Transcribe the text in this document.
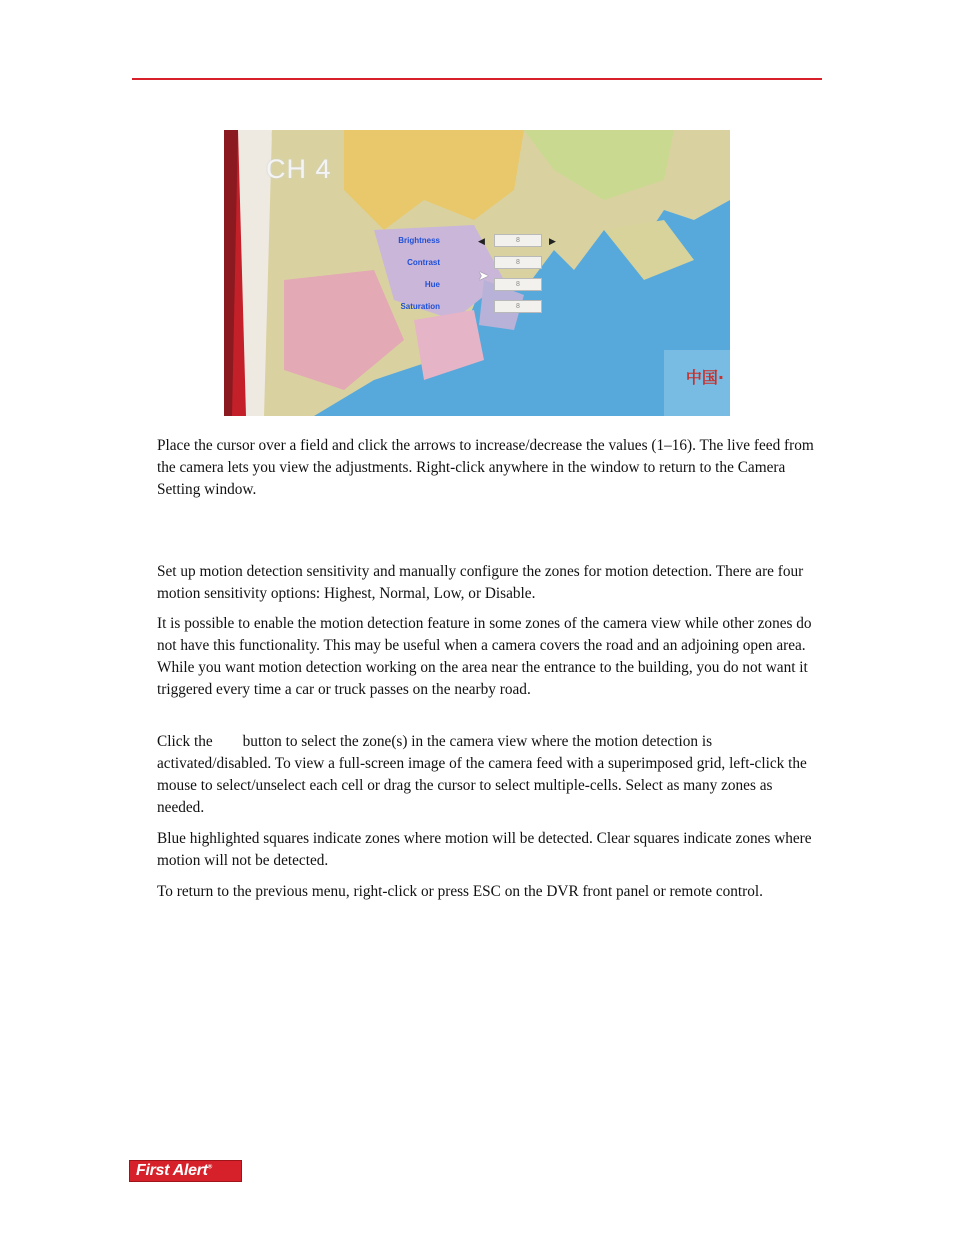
CH 4
Brightness	◀	8	▶
Contrast	8
Hue	8
Saturation	8
➤
中国·

Place the cursor over a field and click the arrows to increase/decrease the values (1–16). The live feed from the camera lets you view the adjustments. Right-click anywhere in the window to return to the Camera Setting window.

Set up motion detection sensitivity and manually configure the zones for motion detection. There are four motion sensitivity options: Highest, Normal, Low, or Disable.

It is possible to enable the motion detection feature in some zones of the camera view while other zones do not have this functionality. This may be useful when a camera covers the road and an adjoining open area. While you want motion detection working on the area near the entrance to the building, you do not want it triggered every time a car or truck passes on the nearby road.

Click the button to select the zone(s) in the camera view where the motion detection is activated/disabled. To view a full-screen image of the camera feed with a superimposed grid, left-click the mouse to select/unselect each cell or drag the cursor to select multiple-cells. Select as many zones as needed.

Blue highlighted squares indicate zones where motion will be detected. Clear squares indicate zones where motion will not be detected.

To return to the previous menu, right-click or press ESC on the DVR front panel or remote control.

First Alert®
